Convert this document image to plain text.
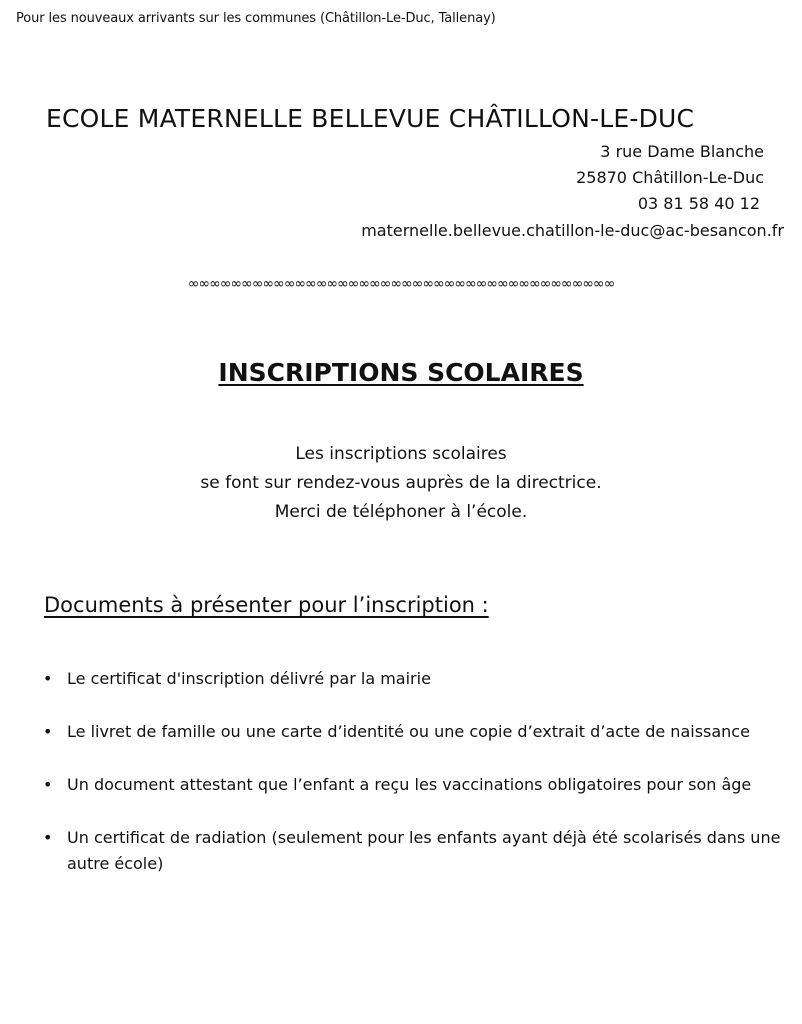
Pour les nouveaux arrivants sur les communes (Châtillon-Le-Duc, Tallenay)
ECOLE MATERNELLE BELLEVUE CHÂTILLON-LE-DUC
3 rue Dame Blanche
25870 Châtillon-Le-Duc
03 81 58 40 12
maternelle.bellevue.chatillon-le-duc@ac-besancon.fr
∞∞∞∞∞∞∞∞∞∞∞∞∞∞∞∞∞∞∞∞∞∞∞∞∞∞∞∞∞∞∞∞∞∞∞∞∞∞∞∞
INSCRIPTIONS SCOLAIRES
Les inscriptions scolaires
se font sur rendez-vous auprès de la directrice.
Merci de téléphoner à l’école.
Documents à présenter pour l’inscription :
• Le certificat d'inscription délivré par la mairie
• Le livret de famille ou une carte d’identité ou une copie d’extrait d’acte de naissance
• Un document attestant que l’enfant a reçu les vaccinations obligatoires pour son âge
• Un certificat de radiation (seulement pour les enfants ayant déjà été scolarisés dans une autre école)
